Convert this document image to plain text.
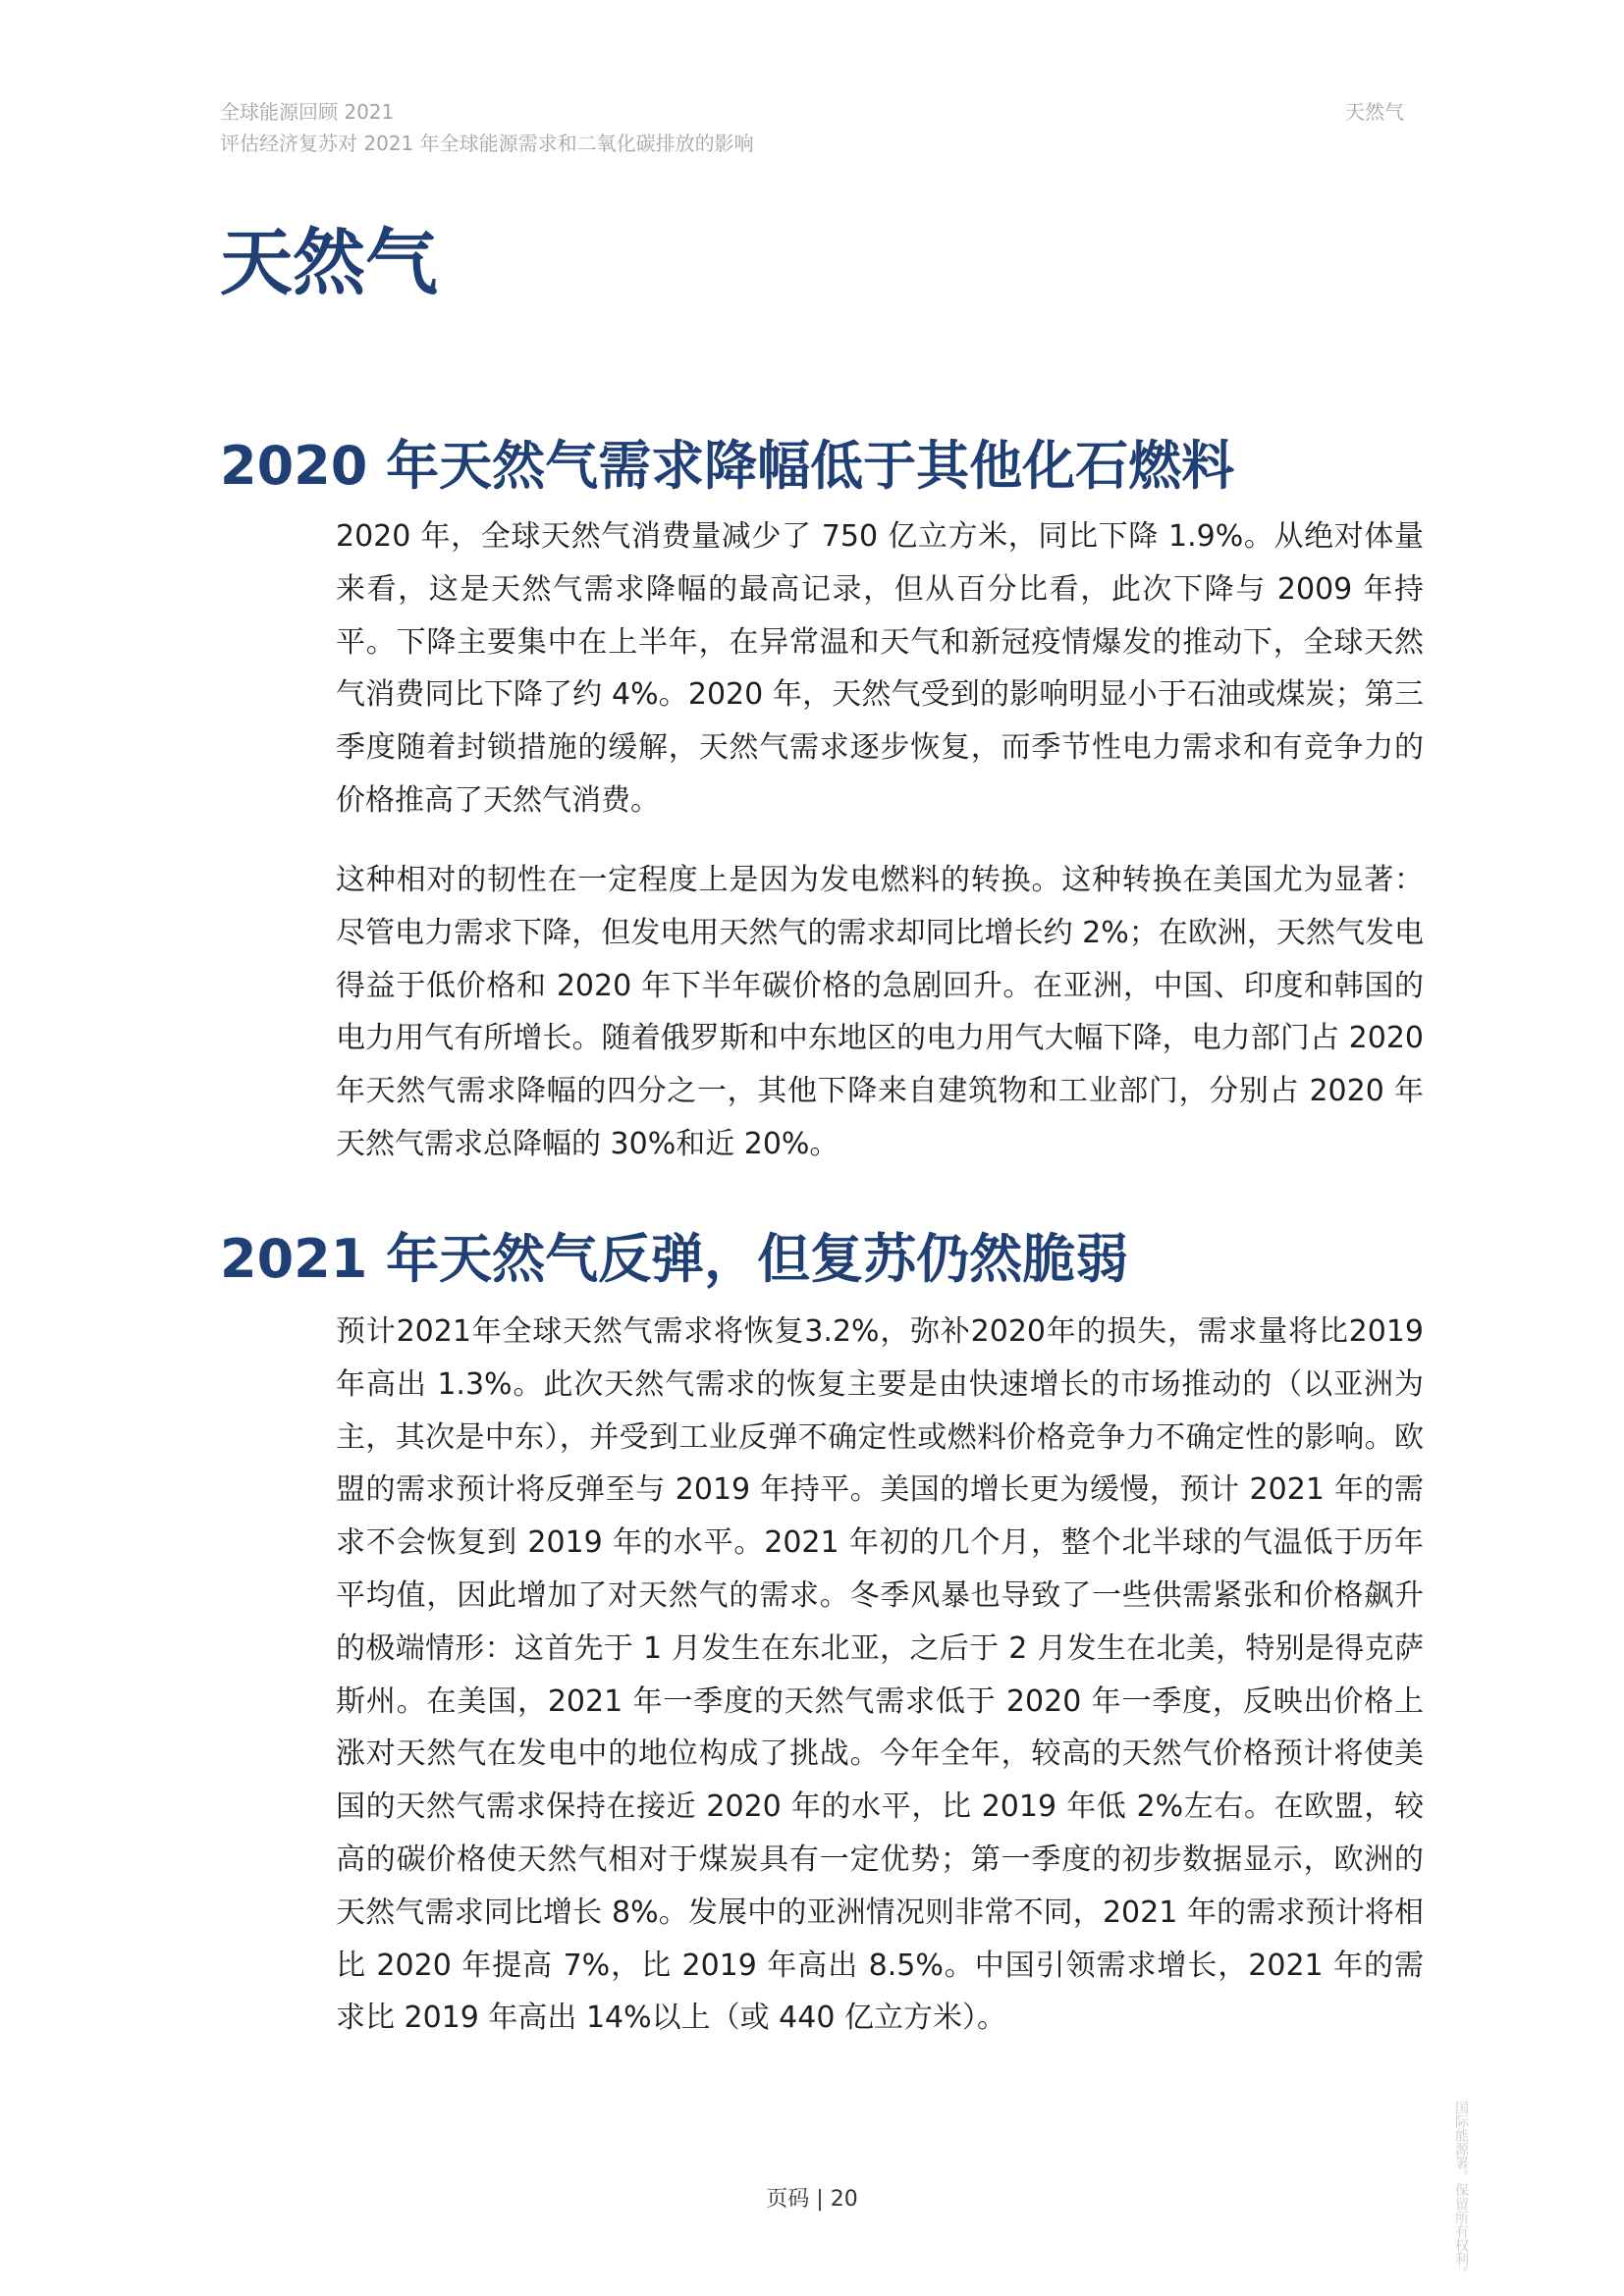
全球能源回顾 2021
评估经济复苏对 2021 年全球能源需求和二氧化碳排放的影响
天然气
天然气
2020 年天然气需求降幅低于其他化石燃料

2020 年，全球天然气消费量减少了 750 亿立方米，同比下降 1.9%。从绝对体量来看，这是天然气需求降幅的最高记录，但从百分比看，此次下降与 2009 年持平。下降主要集中在上半年，在异常温和天气和新冠疫情爆发的推动下，全球天然气消费同比下降了约 4%。2020 年，天然气受到的影响明显小于石油或煤炭；第三季度随着封锁措施的缓解，天然气需求逐步恢复，而季节性电力需求和有竞争力的价格推高了天然气消费。

这种相对的韧性在一定程度上是因为发电燃料的转换。这种转换在美国尤为显著：尽管电力需求下降，但发电用天然气的需求却同比增长约 2%；在欧洲，天然气发电得益于低价格和 2020 年下半年碳价格的急剧回升。在亚洲，中国、印度和韩国的电力用气有所增长。随着俄罗斯和中东地区的电力用气大幅下降，电力部门占 2020 年天然气需求降幅的四分之一，其他下降来自建筑物和工业部门，分别占 2020 年天然气需求总降幅的 30%和近 20%。

2021 年天然气反弹，但复苏仍然脆弱

预计2021年全球天然气需求将恢复3.2%，弥补2020年的损失，需求量将比2019年高出 1.3%。此次天然气需求的恢复主要是由快速增长的市场推动的（以亚洲为主，其次是中东），并受到工业反弹不确定性或燃料价格竞争力不确定性的影响。欧盟的需求预计将反弹至与 2019 年持平。美国的增长更为缓慢，预计 2021 年的需求不会恢复到 2019 年的水平。2021 年初的几个月，整个北半球的气温低于历年平均值，因此增加了对天然气的需求。冬季风暴也导致了一些供需紧张和价格飙升的极端情形：这首先于 1 月发生在东北亚，之后于 2 月发生在北美，特别是得克萨斯州。在美国，2021 年一季度的天然气需求低于 2020 年一季度，反映出价格上涨对天然气在发电中的地位构成了挑战。今年全年，较高的天然气价格预计将使美国的天然气需求保持在接近 2020 年的水平，比 2019 年低 2%左右。在欧盟，较高的碳价格使天然气相对于煤炭具有一定优势；第一季度的初步数据显示，欧洲的天然气需求同比增长 8%。发展中的亚洲情况则非常不同，2021 年的需求预计将相比 2020 年提高 7%，比 2019 年高出 8.5%。中国引领需求增长，2021 年的需求比 2019 年高出 14%以上（或 440 亿立方米）。

页码 | 20	国际能源署。保留所有权利。
